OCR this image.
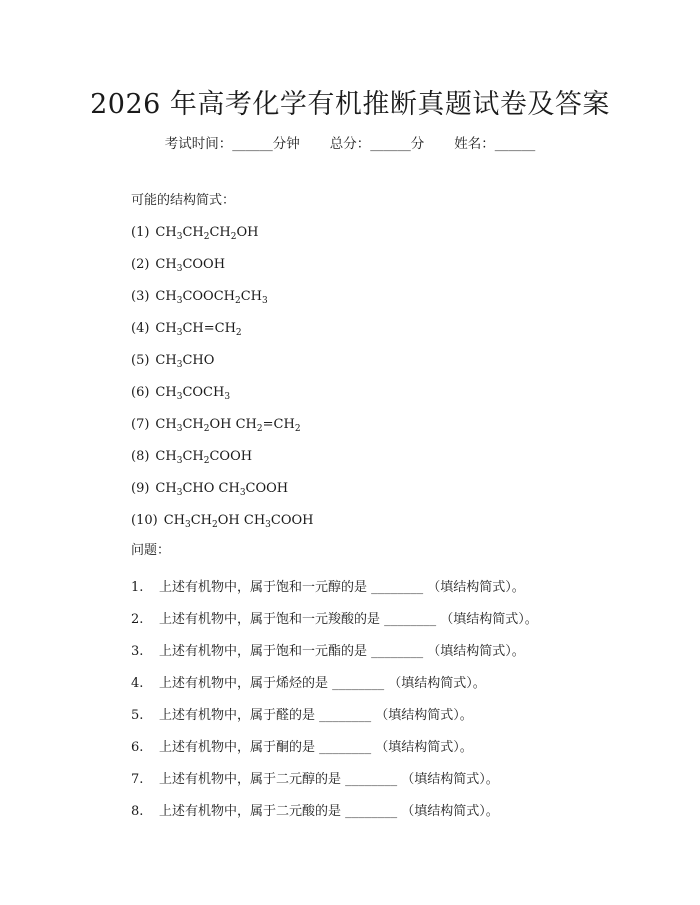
2026 年高考化学有机推断真题试卷及答案
考试时间：______分钟 总分：______分 姓名：______
可能的结构简式：
(1) $CH_3CH_2CH_2OH$
(2) $CH_3COOH$
(3) $CH_3COOCH_2CH_3$
(4) $CH_3CH=CH_2$
(5) $CH_3CHO$
(6) $CH_3COCH_3$
(7) $CH_3CH_2OH$ $CH_2=CH_2$
(8) $CH_3CH_2COOH$
(9) $CH_3CHO$ $CH_3COOH$
(10) $CH_3CH_2OH$ $CH_3COOH$
问题：
1. 上述有机物中，属于饱和一元醇的是 ________ （填结构简式）。
2. 上述有机物中，属于饱和一元羧酸的是 ________ （填结构简式）。
3. 上述有机物中，属于饱和一元酯的是 ________ （填结构简式）。
4. 上述有机物中，属于烯烃的是 ________ （填结构简式）。
5. 上述有机物中，属于醛的是 ________ （填结构简式）。
6. 上述有机物中，属于酮的是 ________ （填结构简式）。
7. 上述有机物中，属于二元醇的是 ________ （填结构简式）。
8. 上述有机物中，属于二元酸的是 ________ （填结构简式）。
